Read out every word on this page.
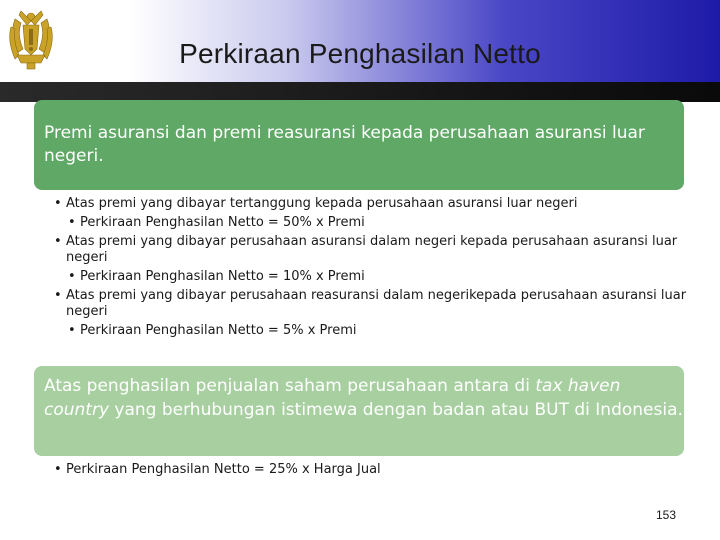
Perkiraan Penghasilan Netto
Premi asuransi dan premi reasuransi kepada perusahaan asuransi luar negeri.
• Atas premi yang dibayar tertanggung kepada perusahaan asuransi luar negeri
• Perkiraan Penghasilan Netto = 50% x Premi
• Atas premi yang dibayar perusahaan asuransi dalam negeri kepada perusahaan asuransi luar negeri
• Perkiraan Penghasilan Netto = 10% x Premi
• Atas premi yang dibayar perusahaan reasuransi dalam negerikepada perusahaan asuransi luar negeri
• Perkiraan Penghasilan Netto = 5% x Premi
Atas penghasilan penjualan saham perusahaan antara di tax haven country yang berhubungan istimewa dengan badan atau BUT di Indonesia.
• Perkiraan Penghasilan Netto = 25% x Harga Jual
153
